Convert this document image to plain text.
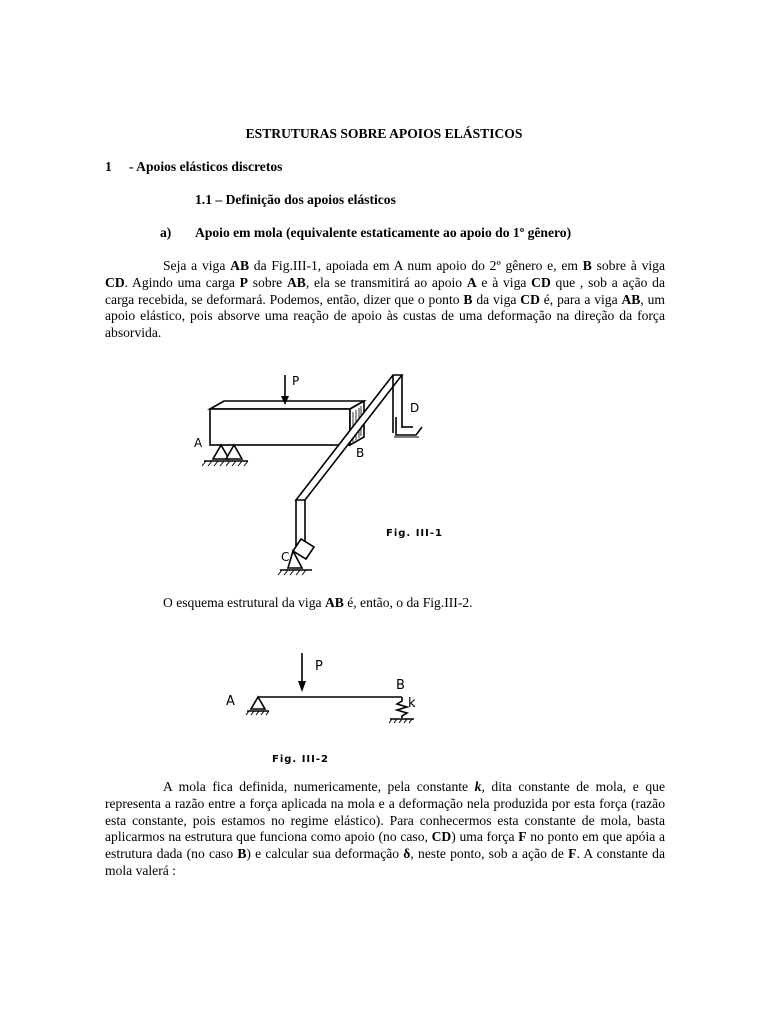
ESTRUTURAS SOBRE APOIOS ELÁSTICOS
1 - Apoios elásticos discretos
1.1 – Definição dos apoios elásticos
a) Apoio em mola (equivalente estaticamente ao apoio do 1º gênero)
Seja a viga AB da Fig.III-1, apoiada em A num apoio do 2º gênero e, em B sobre à viga CD. Agindo uma carga P sobre AB, ela se transmitirá ao apoio A e à viga CD que , sob a ação da carga recebida, se deformará. Podemos, então, dizer que o ponto B da viga CD é, para a viga AB, um apoio elástico, pois absorve uma reação de apoio às custas de uma deformação na direção da força absorvida.
P
A
B
D
C
Fig. III-1
O esquema estrutural da viga AB é, então, o da Fig.III-2.
P
A
B
k
Fig. III-2
A mola fica definida, numericamente, pela constante k, dita constante de mola, e que representa a razão entre a força aplicada na mola e a deformação nela produzida por esta força (razão esta constante, pois estamos no regime elástico). Para conhecermos esta constante de mola, basta aplicarmos na estrutura que funciona como apoio (no caso, CD) uma força F no ponto em que apóia a estrutura dada (no caso B) e calcular sua deformação δ, neste ponto, sob a ação de F. A constante da mola valerá :
